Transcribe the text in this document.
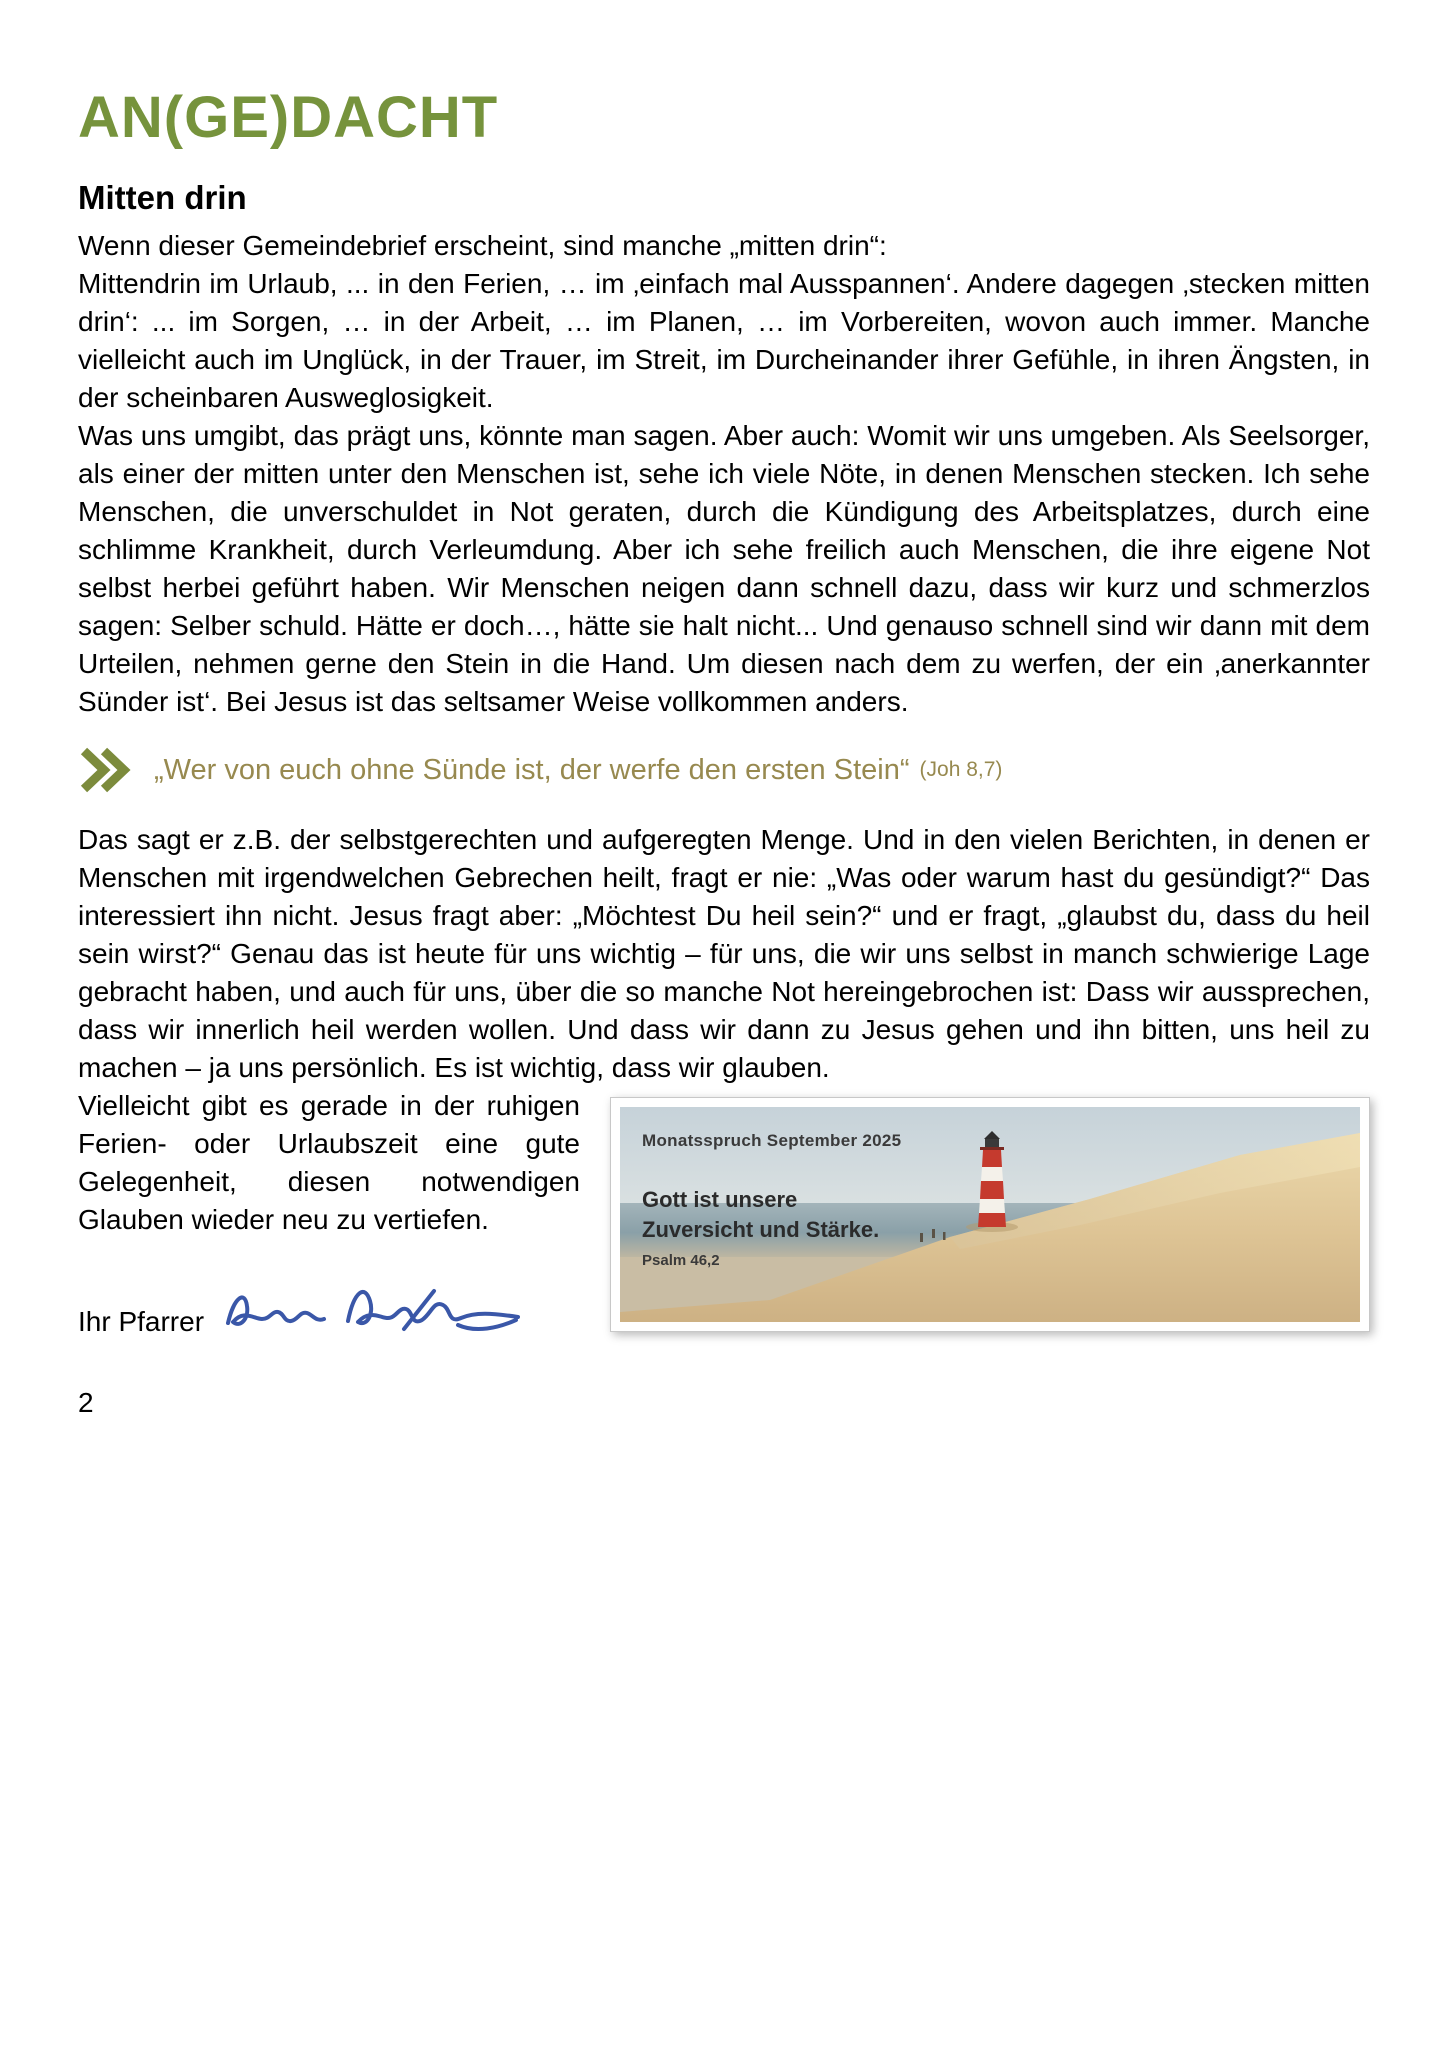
AN(GE)DACHT
Mitten drin

Wenn dieser Gemeindebrief erscheint, sind manche „mitten drin“:

Mittendrin im Urlaub, ... in den Ferien, … im ‚einfach mal Ausspannen‘. Andere dagegen ‚stecken mitten drin‘: ... im Sorgen, … in der Arbeit, … im Planen, … im Vorbereiten, wovon auch immer. Manche vielleicht auch im Unglück, in der Trauer, im Streit, im Durcheinander ihrer Gefühle, in ihren Ängsten, in der scheinbaren Ausweglosigkeit.

Was uns umgibt, das prägt uns, könnte man sagen. Aber auch: Womit wir uns umgeben. Als Seelsorger, als einer der mitten unter den Menschen ist, sehe ich viele Nöte, in denen Menschen stecken. Ich sehe Menschen, die unverschuldet in Not geraten, durch die Kündigung des Arbeitsplatzes, durch eine schlimme Krankheit, durch Verleumdung. Aber ich sehe freilich auch Menschen, die ihre eigene Not selbst herbei geführt haben. Wir Menschen neigen dann schnell dazu, dass wir kurz und schmerzlos sagen: Selber schuld. Hätte er doch…, hätte sie halt nicht... Und genauso schnell sind wir dann mit dem Urteilen, nehmen gerne den Stein in die Hand. Um diesen nach dem zu werfen, der ein ‚anerkannter Sünder ist‘. Bei Jesus ist das seltsamer Weise vollkommen anders.

„Wer von euch ohne Sünde ist, der werfe den ersten Stein“ (Joh 8,7)

Das sagt er z.B. der selbstgerechten und aufgeregten Menge. Und in den vielen Berichten, in denen er Menschen mit irgendwelchen Gebrechen heilt, fragt er nie: „Was oder warum hast du gesündigt?“ Das interessiert ihn nicht. Jesus fragt aber: „Möchtest Du heil sein?“ und er fragt, „glaubst du, dass du heil sein wirst?“ Genau das ist heute für uns wichtig – für uns, die wir uns selbst in manch schwierige Lage gebracht haben, und auch für uns, über die so manche Not hereingebrochen ist: Dass wir aussprechen, dass wir innerlich heil werden wollen. Und dass wir dann zu Jesus gehen und ihn bitten, uns heil zu machen – ja uns persönlich. Es ist wichtig, dass wir glauben.

Monatsspruch September 2025
Gott ist unsere
Zuversicht und Stärke.
Psalm 46,2

Vielleicht gibt es gerade in der ruhigen Ferien- oder Urlaubszeit eine gute Gelegenheit, diesen notwendigen Glauben wieder neu zu vertiefen.

Ihr Pfarrer
2
